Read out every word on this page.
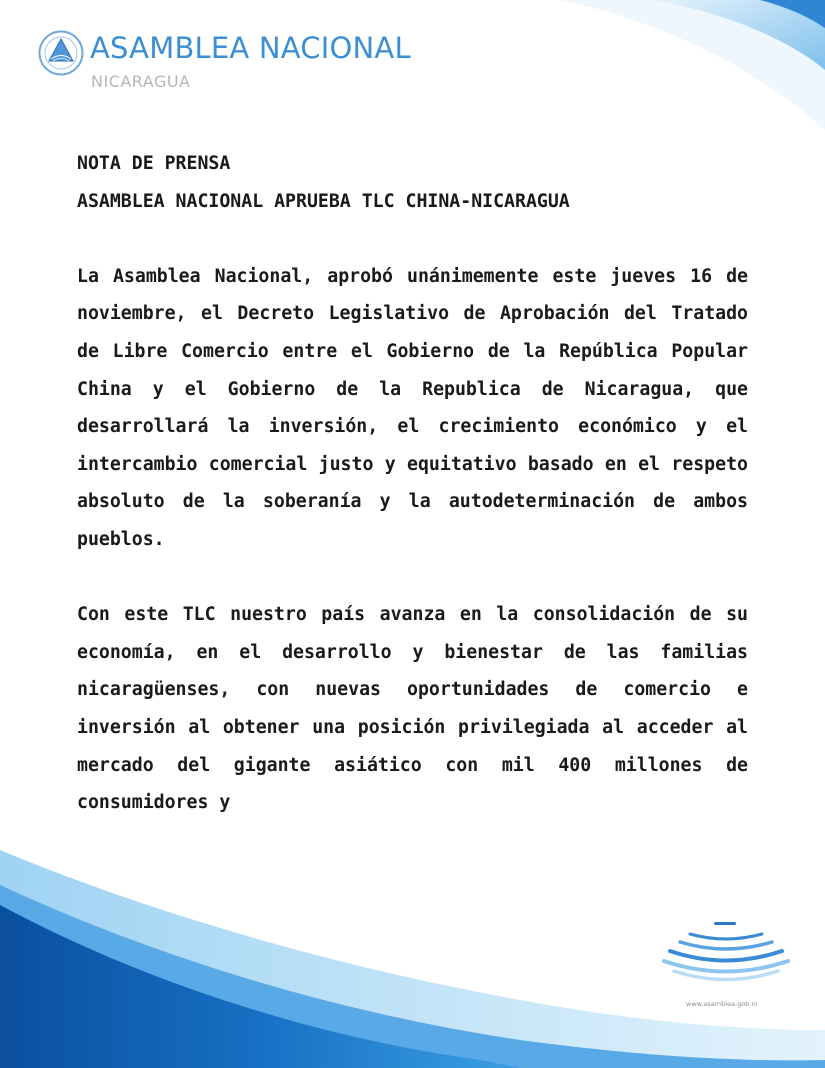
ASAMBLEA NACIONAL
NICARAGUA

NOTA DE PRENSA

ASAMBLEA NACIONAL APRUEBA TLC CHINA-NICARAGUA

La Asamblea Nacional, aprobó unánimemente este jueves 16 de noviembre, el Decreto Legislativo de Aprobación del Tratado de Libre Comercio entre el Gobierno de la República Popular China y el Gobierno de la Republica de Nicaragua, que desarrollará la inversión, el crecimiento económico y el intercambio comercial justo y equitativo basado en el respeto absoluto de la soberanía y la autodeterminación de ambos pueblos.

Con este TLC nuestro país avanza en la consolidación de su economía, en el desarrollo y bienestar de las familias nicaragüenses, con nuevas oportunidades de comercio e inversión al obtener una posición privilegiada al acceder al mercado del gigante asiático con mil 400 millones de consumidores y

www.asamblea.gob.ni
